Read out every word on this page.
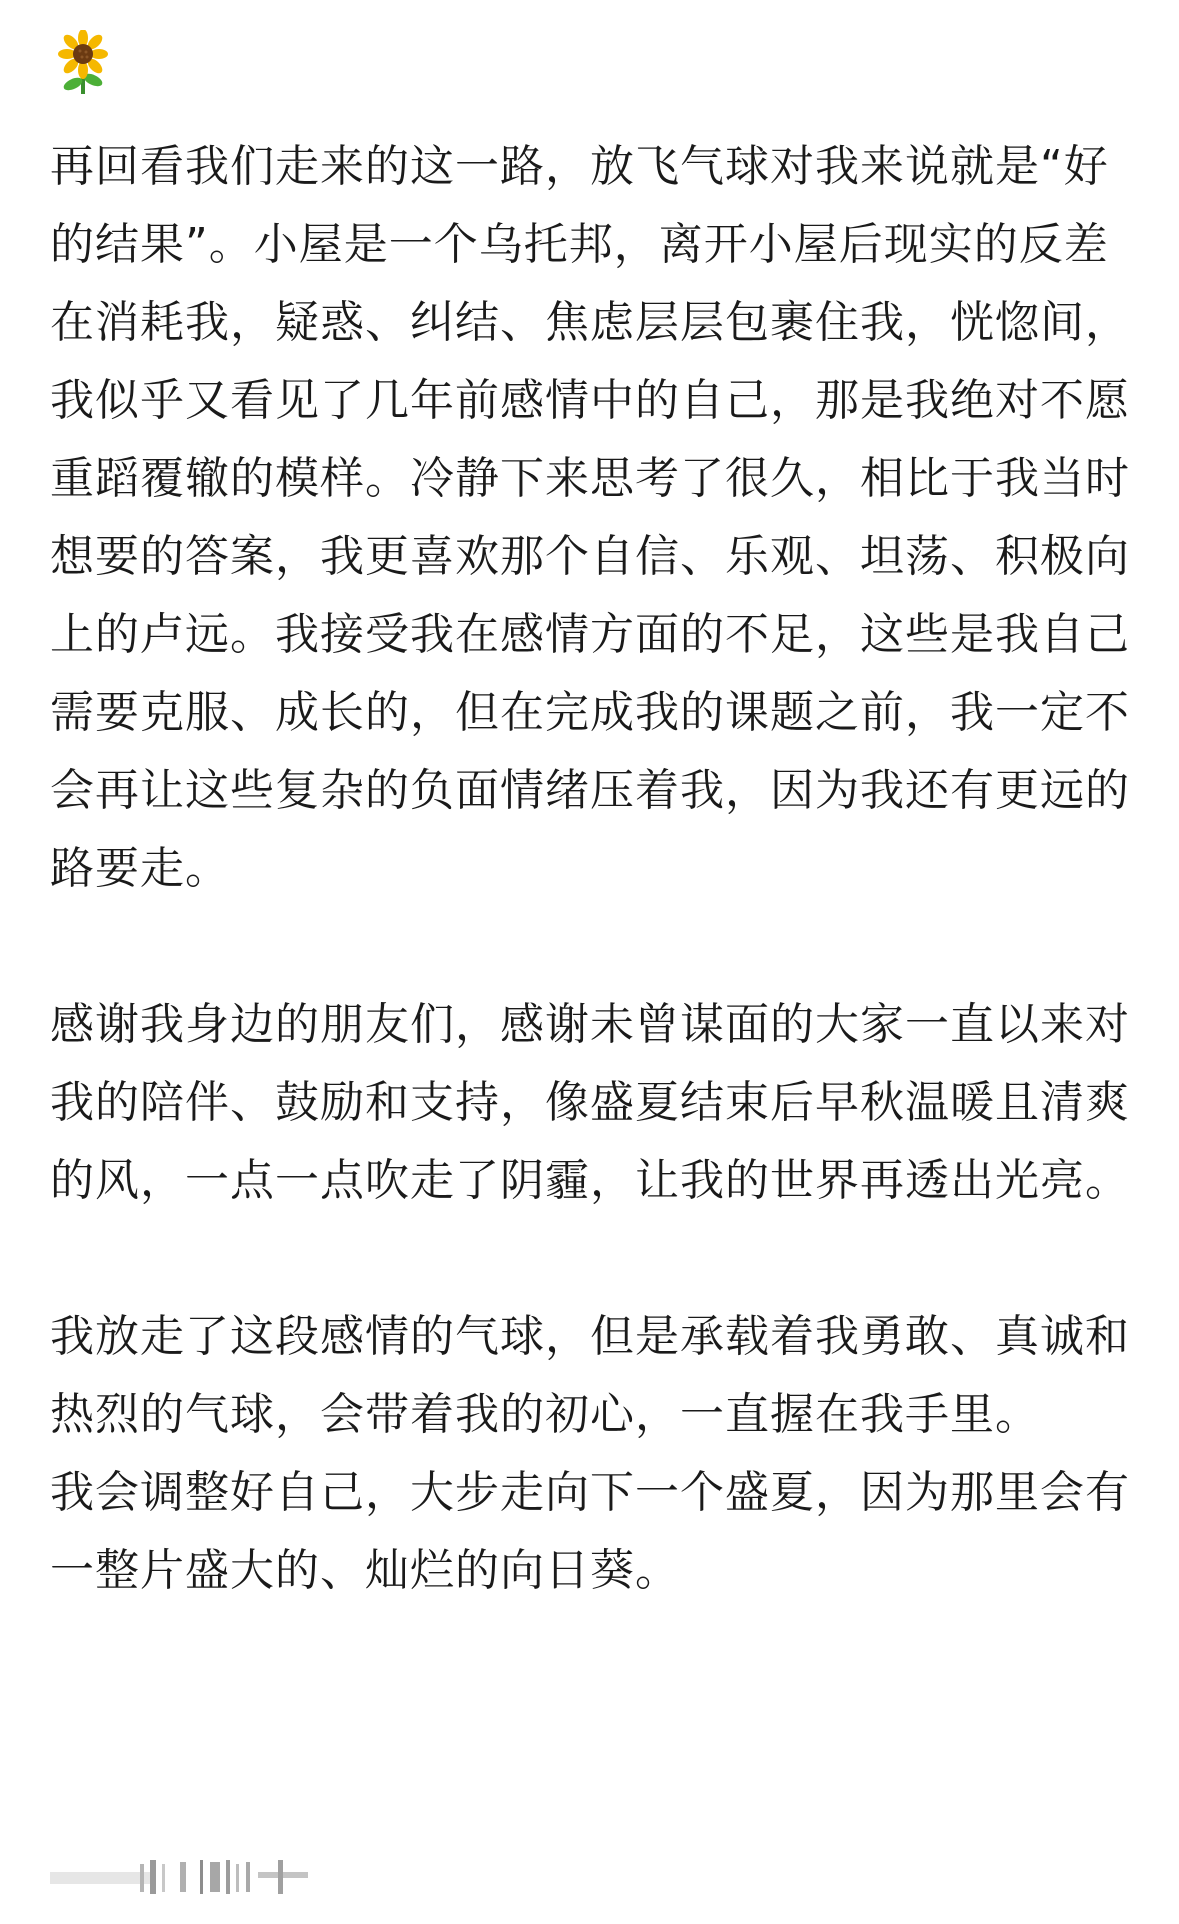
再回看我们走来的这一路，放飞气球对我来说就是“好的结果”。小屋是一个乌托邦，离开小屋后现实的反差在消耗我，疑惑、纠结、焦虑层层包裹住我，恍惚间，我似乎又看见了几年前感情中的自己，那是我绝对不愿重蹈覆辙的模样。冷静下来思考了很久，相比于我当时想要的答案，我更喜欢那个自信、乐观、坦荡、积极向上的卢远。我接受我在感情方面的不足，这些是我自己需要克服、成长的，但在完成我的课题之前，我一定不会再让这些复杂的负面情绪压着我，因为我还有更远的路要走。

感谢我身边的朋友们，感谢未曾谋面的大家一直以来对我的陪伴、鼓励和支持，像盛夏结束后早秋温暖且清爽的风，一点一点吹走了阴霾，让我的世界再透出光亮。

我放走了这段感情的气球，但是承载着我勇敢、真诚和热烈的气球，会带着我的初心，一直握在我手里。

我会调整好自己，大步走向下一个盛夏，因为那里会有一整片盛大的、灿烂的向日葵。
